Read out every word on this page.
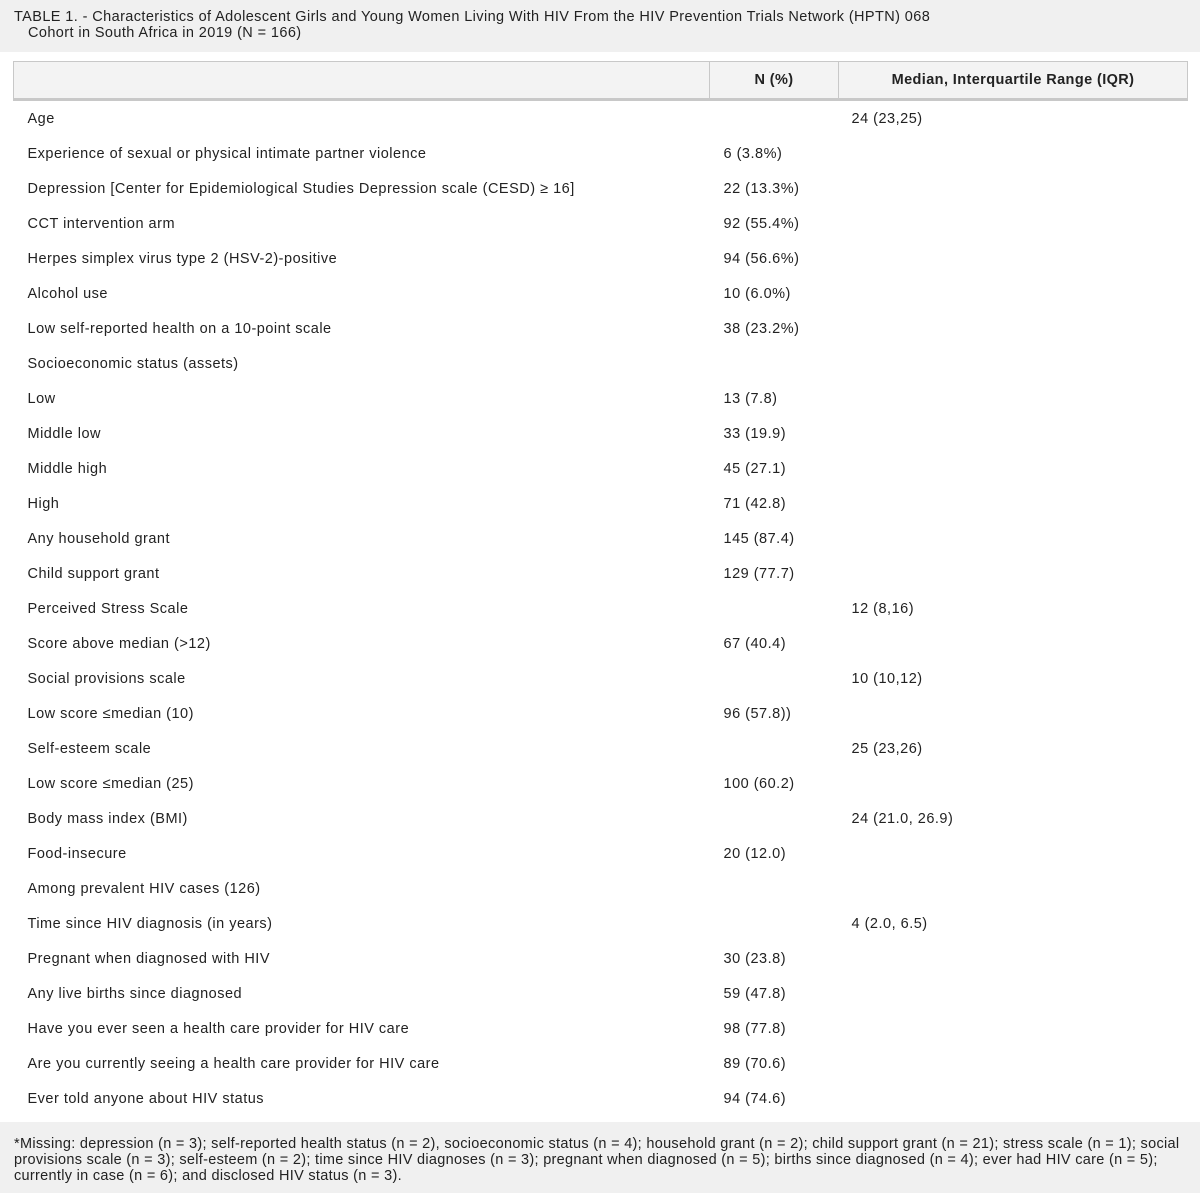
TABLE 1. - Characteristics of Adolescent Girls and Young Women Living With HIV From the HIV Prevention Trials Network (HPTN) 068
Cohort in South Africa in 2019 (N = 166)
	N (%)	Median, Interquartile Range (IQR)
Age		24 (23,25)
Experience of sexual or physical intimate partner violence	6 (3.8%)	
Depression [Center for Epidemiological Studies Depression scale (CESD) ≥ 16]	22 (13.3%)	
CCT intervention arm	92 (55.4%)	
Herpes simplex virus type 2 (HSV-2)-positive	94 (56.6%)	
Alcohol use	10 (6.0%)	
Low self-reported health on a 10-point scale	38 (23.2%)	
Socioeconomic status (assets)		
Low	13 (7.8)	
Middle low	33 (19.9)	
Middle high	45 (27.1)	
High	71 (42.8)	
Any household grant	145 (87.4)	
Child support grant	129 (77.7)	
Perceived Stress Scale		12 (8,16)
Score above median (>12)	67 (40.4)	
Social provisions scale		10 (10,12)
Low score ≤median (10)	96 (57.8))	
Self-esteem scale		25 (23,26)
Low score ≤median (25)	100 (60.2)	
Body mass index (BMI)		24 (21.0, 26.9)
Food-insecure	20 (12.0)	
Among prevalent HIV cases (126)		
Time since HIV diagnosis (in years)		4 (2.0, 6.5)
Pregnant when diagnosed with HIV	30 (23.8)	
Any live births since diagnosed	59 (47.8)	
Have you ever seen a health care provider for HIV care	98 (77.8)	
Are you currently seeing a health care provider for HIV care	89 (70.6)	
Ever told anyone about HIV status	94 (74.6)	
*Missing: depression (n = 3); self-reported health status (n = 2), socioeconomic status (n = 4); household grant (n = 2); child support grant (n = 21); stress scale (n = 1); social provisions scale (n = 3); self-esteem (n = 2); time since HIV diagnoses (n = 3); pregnant when diagnosed (n = 5); births since diagnosed (n = 4); ever had HIV care (n = 5); currently in case (n = 6); and disclosed HIV status (n = 3).
